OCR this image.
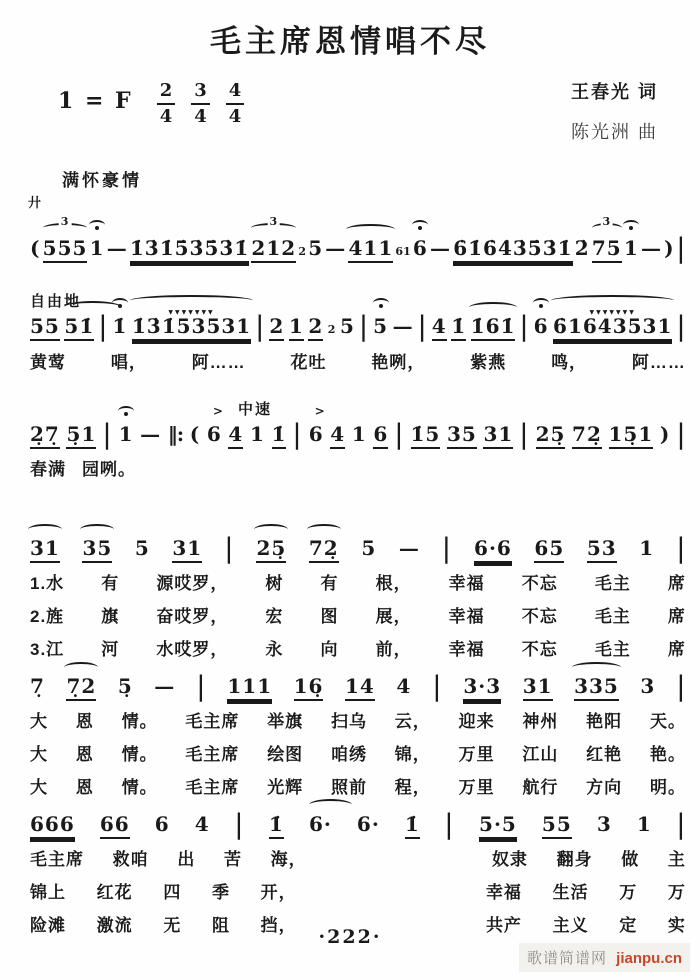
毛主席恩情唱不尽
1 = F $\frac{2}{4} \frac{3}{4} \frac{4}{4}$	王春光 词
陈光洲 曲
满怀豪情
廾
( 555 3 1 — 1̇3̇1̇5̇3̇5̇3̇1̇ 212 3 2 5 — 411 61 6 — 6̇1̇6̇4̇3̇5̇3̇1̇ 2̇ 75 3 1 — ) |
自由地
55 51̇ | 1̇ 1̇3̇1̇53531 ▼▼▼▼▼▼▼ | 2 1 2 2 5 | 5 — | 4 1̇ 1̇61̇ | 6 6̇1643531 ▼▼▼▼▼▼▼ |
黄莺	唱，	阿……	花吐	艳咧，	紫燕	鸣，	阿……
中速
2̣7̣ 5̣1 | 1 — ‖: ( > 6 4 1 1̇ | > 6 4 1 6 | 1̇5 35 31 | 25̣ 72̣ 15̣1 ) |
春满 园咧。
31 35 5 31 | 25̣ 72̣ 5 — | 6·6 65 53 1 |
1.水 有 源哎罗， 树 有 根， 幸福 不忘 毛主 席
2.旌 旗 奋哎罗， 宏 图 展， 幸福 不忘 毛主 席
3.江 河 水哎罗， 永 向 前， 幸福 不忘 毛主 席
7̣ 7̣2 5̣ — | 111 16̣ 14 4 | 3·3 31 335 3 |
大 恩 情。 毛主席 举旗 扫乌 云， 迎来 神州 艳阳 天。
大 恩 情。 毛主席 绘图 咱绣 锦， 万里 江山 红艳 艳。
大 恩 情。 毛主席 光辉 照前 程， 万里 航行 方向 明。
666 66 6 4 | 1̇ 6· 6· 1̇ | 5·5 55 3 1 |
毛主席 救咱 出 苦 海，	奴隶 翻身 做 主
锦上 红花 四 季 开，	幸福 生活 万 万
险滩 激流 无 阻 挡，	共产 主义 定 实
·222·
歌谱简谱网 jianpu.cn
